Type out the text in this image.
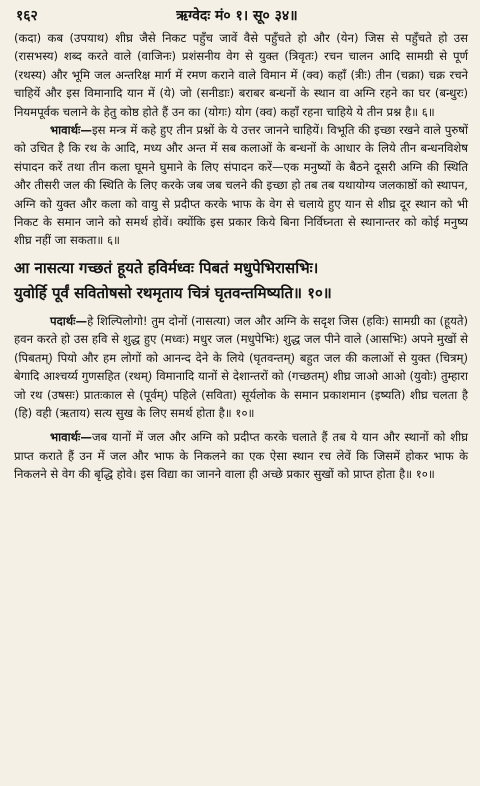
१६२	ऋग्वेदः मं० १। सू० ३४॥

(कदा) कब (उपयाथ) शीघ्र जैसे निकट पहुँच जावें वैसे पहुँचते हो और (येन) जिस से पहुँचते हो उस (रासभस्य) शब्द करते वाले (वाजिनः) प्रशंसनीय वेग से युक्त (त्रिवृतः) रचन चालन आदि सामग्री से पूर्ण (रथस्य) और भूमि जल अन्तरिक्ष मार्ग में रमण कराने वाले विमान में (क्व) कहाँ (त्रीः) तीन (चक्रा) चक्र रचने चाहियें और इस विमानादि यान में (ये) जो (सनीडाः) बराबर बन्धनों के स्थान वा अग्नि रहने का घर (बन्धुरः) नियमपूर्वक चलाने के हेतु कोष्ठ होते हैं उन का (योगः) योग (क्व) कहाँ रहना चाहिये ये तीन प्रश्न है॥ ६॥

भावार्थः—इस मन्त्र में कहे हुए तीन प्रश्नों के ये उत्तर जानने चाहियें। विभूति की इच्छा रखने वाले पुरुषों को उचित है कि रथ के आदि, मध्य और अन्त में सब कलाओं के बन्धनों के आधार के लिये तीन बन्धनविशेष संपादन करें तथा तीन कला घूमने घुमाने के लिए संपादन करें—एक मनुष्यों के बैठने दूसरी अग्नि की स्थिति और तीसरी जल की स्थिति के लिए करके जब जब चलने की इच्छा हो तब तब यथायोग्य जलकाष्ठों को स्थापन, अग्नि को युक्त और कला को वायु से प्रदीप्त करके भाफ के वेग से चलाये हुए यान से शीघ्र दूर स्थान को भी निकट के समान जाने को समर्थ होवें। क्योंकि इस प्रकार किये बिना निर्विघ्नता से स्थानान्तर को कोई मनुष्य शीघ्र नहीं जा सकता॥ ६॥

आ नासत्या गच्छतं हूयते हविर्मध्वः पिबतं मधुपेभिरासभिः।
युवोर्हि पूर्वं सवितोषसो रथमृताय चित्रं घृतवन्तमिष्यति॥ १०॥

पदार्थः—हे शिल्पिलोगो! तुम दोनों (नासत्या) जल और अग्नि के सदृश जिस (हविः) सामग्री का (हूयते) हवन करते हो उस हवि से शुद्ध हुए (मध्वः) मधुर जल (मधुपेभिः) शुद्ध जल पीने वाले (आसभिः) अपने मुखों से (पिबतम्) पियो और हम लोगों को आनन्द देने के लिये (घृतवन्तम्) बहुत जल की कलाओं से युक्त (चित्रम्) बेगादि आश्चर्य्य गुणसहित (रथम्) विमानादि यानों से देशान्तरों को (गच्छतम्) शीघ्र जाओ आओ (युवोः) तुम्हारा जो रथ (उषसः) प्रातःकाल से (पूर्वम्) पहिले (सविता) सूर्यलोक के समान प्रकाशमान (इष्यति) शीघ्र चलता है (हि) वही (ऋताय) सत्य सुख के लिए समर्थ होता है॥ १०॥

भावार्थः—जब यानों में जल और अग्नि को प्रदीप्त करके चलाते हैं तब ये यान और स्थानों को शीघ्र प्राप्त कराते हैं उन में जल और भाफ के निकलने का एक ऐसा स्थान रच लेवें कि जिसमें होकर भाफ के निकलने से वेग की बृद्धि होवे। इस विद्या का जानने वाला ही अच्छे प्रकार सुखों को प्राप्त होता है॥ १०॥
